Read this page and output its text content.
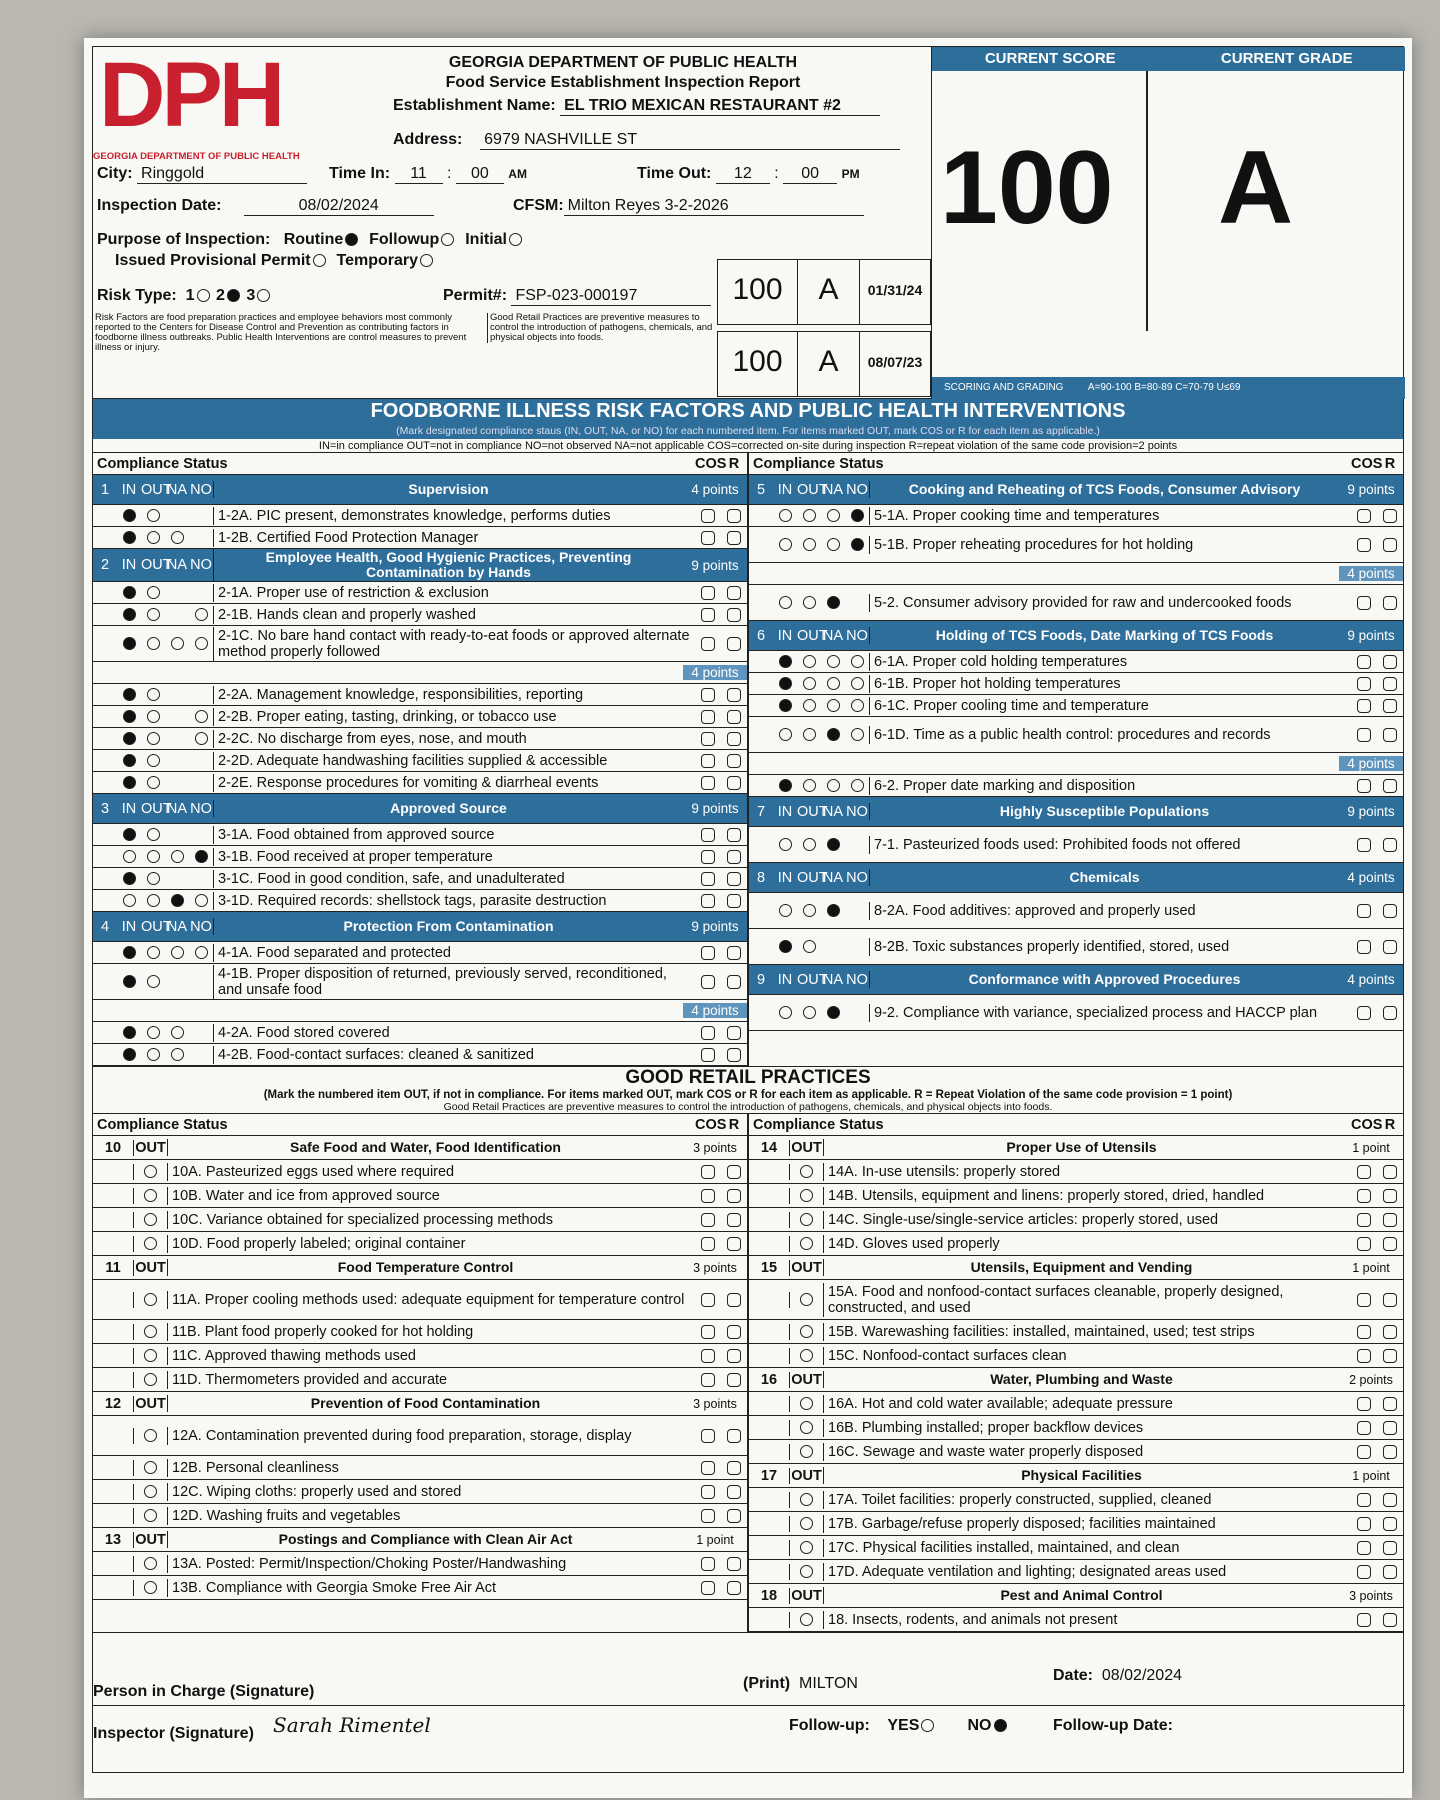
DPH
GEORGIA DEPARTMENT OF PUBLIC HEALTH
GEORGIA DEPARTMENT OF PUBLIC HEALTH
Food Service Establishment Inspection Report
Establishment Name: EL TRIO MEXICAN RESTAURANT #2
Address: 6979 NASHVILLE ST
City: Ringgold	Time In: 11 : 00 AM	Time Out: 12 : 00 PM
Inspection Date:	08/02/2024	CFSM: Milton Reyes 3-2-2026
Purpose of Inspection: Routine Followup Initial
Issued Provisional Permit Temporary
Risk Type: 1 2 3	Permit#: FSP-023-000197
Risk Factors are food preparation practices and employee behaviors most commonly reported to the Centers for Disease Control and Prevention as contributing factors in foodborne illness outbreaks. Public Health Interventions are control measures to prevent illness or injury.
Good Retail Practices are preventive measures to control the introduction of pathogens, chemicals, and physical objects into foods.
100	A	01/31/24
100	A	08/07/23
CURRENT SCORE	CURRENT GRADE
100 A
SCORING AND GRADING A=90-100 B=80-89 C=70-79 U≤69
FOODBORNE ILLNESS RISK FACTORS AND PUBLIC HEALTH INTERVENTIONS
(Mark designated compliance staus (IN, OUT, NA, or NO) for each numbered item. For items marked OUT, mark COS or R for each item as applicable.)
IN=in compliance OUT=not in compliance NO=not observed NA=not applicable COS=corrected on-site during inspection R=repeat violation of the same code provision=2 points
Compliance Status	COS R
1 IN OUT
NA NO	Supervision	4 points
1-2A. PIC present, demonstrates knowledge, performs duties
1-2B. Certified Food Protection Manager
2 IN OUT
NA NO	Employee Health, Good Hygienic Practices, Preventing Contamination by Hands	9 points
2-1A. Proper use of restriction & exclusion
2-1B. Hands clean and properly washed
2-1C. No bare hand contact with ready-to-eat foods or approved alternate method properly followed
4 points
2-2A. Management knowledge, responsibilities, reporting
2-2B. Proper eating, tasting, drinking, or tobacco use
2-2C. No discharge from eyes, nose, and mouth
2-2D. Adequate handwashing facilities supplied & accessible
2-2E. Response procedures for vomiting & diarrheal events
3 IN OUT
NA NO	Approved Source	9 points
3-1A. Food obtained from approved source
3-1B. Food received at proper temperature
3-1C. Food in good condition, safe, and unadulterated
3-1D. Required records: shellstock tags, parasite destruction
4 IN OUT
NA NO	Protection From Contamination	9 points
4-1A. Food separated and protected
4-1B. Proper disposition of returned, previously served, reconditioned, and unsafe food
4 points
4-2A. Food stored covered
4-2B. Food-contact surfaces: cleaned & sanitized
Compliance Status	COS R
5 IN OUT
NA NO	Cooking and Reheating of TCS Foods, Consumer Advisory	9 points
5-1A. Proper cooking time and temperatures
5-1B. Proper reheating procedures for hot holding
4 points
5-2. Consumer advisory provided for raw and undercooked foods
6 IN OUT
NA NO	Holding of TCS Foods, Date Marking of TCS Foods	9 points
6-1A. Proper cold holding temperatures
6-1B. Proper hot holding temperatures
6-1C. Proper cooling time and temperature
6-1D. Time as a public health control: procedures and records
4 points
6-2. Proper date marking and disposition
7 IN OUT
NA NO	Highly Susceptible Populations	9 points
7-1. Pasteurized foods used: Prohibited foods not offered
8 IN OUT
NA NO	Chemicals	4 points
8-2A. Food additives: approved and properly used
8-2B. Toxic substances properly identified, stored, used
9 IN OUT
NA NO	Conformance with Approved Procedures	4 points
9-2. Compliance with variance, specialized process and HACCP plan
GOOD RETAIL PRACTICES
(Mark the numbered item OUT, if not in compliance. For items marked OUT, mark COS or R for each item as applicable. R = Repeat Violation of the same code provision = 1 point)
Good Retail Practices are preventive measures to control the introduction of pathogens, chemicals, and physical objects into foods.
Compliance Status	COS R
10 OUT	Safe Food and Water, Food Identification	3 points
10A. Pasteurized eggs used where required
10B. Water and ice from approved source
10C. Variance obtained for specialized processing methods
10D. Food properly labeled; original container
11	OUT	Food Temperature Control	3 points
11A. Proper cooling methods used: adequate equipment for temperature control
11B. Plant food properly cooked for hot holding
11C. Approved thawing methods used
11D. Thermometers provided and accurate
12 OUT	Prevention of Food Contamination	3 points
12A. Contamination prevented during food preparation, storage, display
12B. Personal cleanliness
12C. Wiping cloths: properly used and stored
12D. Washing fruits and vegetables
13 OUT	Postings and Compliance with Clean Air Act	1 point
13A. Posted: Permit/Inspection/Choking Poster/Handwashing
13B. Compliance with Georgia Smoke Free Air Act
Compliance Status	COS R
14 OUT	Proper Use of Utensils	1 point
14A. In-use utensils: properly stored
14B. Utensils, equipment and linens: properly stored, dried, handled
14C. Single-use/single-service articles: properly stored, used
14D. Gloves used properly
15 OUT	Utensils, Equipment and Vending	1 point
15A. Food and nonfood-contact surfaces cleanable, properly designed, constructed, and used
15B. Warewashing facilities: installed, maintained, used; test strips
15C. Nonfood-contact surfaces clean
16 OUT	Water, Plumbing and Waste	2 points
16A. Hot and cold water available; adequate pressure
16B. Plumbing installed; proper backflow devices
16C. Sewage and waste water properly disposed
17 OUT	Physical Facilities	1 point
17A. Toilet facilities: properly constructed, supplied, cleaned
17B. Garbage/refuse properly disposed; facilities maintained
17C. Physical facilities installed, maintained, and clean
17D. Adequate ventilation and lighting; designated areas used
18 OUT	Pest and Animal Control	3 points
18. Insects, rodents, and animals not present
Person in Charge (Signature)	(Print) MILTON	Date: 08/02/2024
Inspector (Signature) Sarah Rimentel	Follow-up: YES	NO	Follow-up Date:
